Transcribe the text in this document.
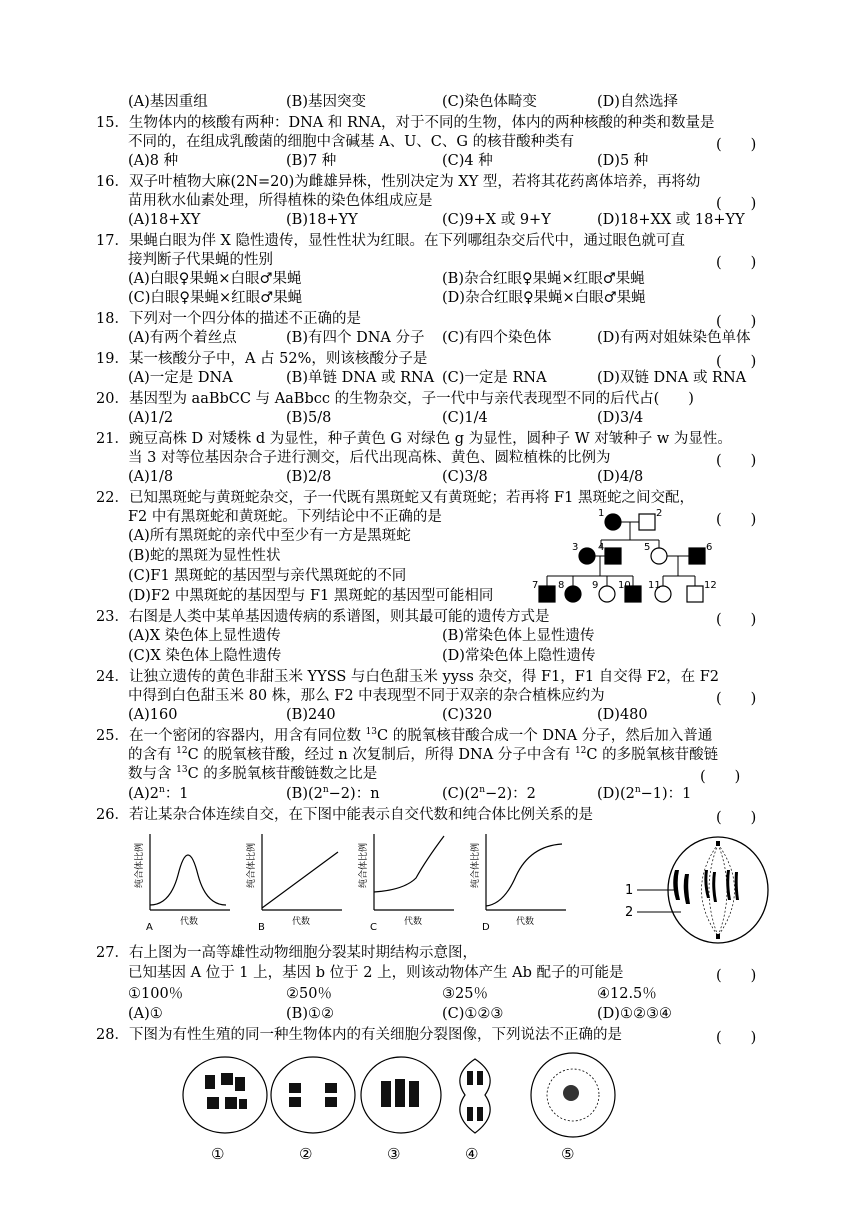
(A)基因重组	(B)基因突变	(C)染色体畸变	(D)自然选择
15．生物体内的核酸有两种：DNA 和 RNA，对于不同的生物，体内的两种核酸的种类和数量是
不同的，在组成乳酸菌的细胞中含碱基 A、U、C、G 的核苷酸种类有	(　　)
(A)8 种	(B)7 种	(C)4 种	(D)5 种
16．双子叶植物大麻(2N=20)为雌雄异株，性别决定为 XY 型，若将其花药离体培养，再将幼
苗用秋水仙素处理，所得植株的染色体组成应是	(　　)
(A)18+XY	(B)18+YY	(C)9+X 或 9+Y	(D)18+XX 或 18+YY
17．果蝇白眼为伴 X 隐性遗传，显性性状为红眼。在下列哪组杂交后代中，通过眼色就可直
接判断子代果蝇的性别	(　　)
(A)白眼♀果蝇×白眼♂果蝇	(B)杂合红眼♀果蝇×红眼♂果蝇
(C)白眼♀果蝇×红眼♂果蝇	(D)杂合红眼♀果蝇×白眼♂果蝇
18．下列对一个四分体的描述不正确的是	(　　)
(A)有两个着丝点	(B)有四个 DNA 分子 (C)有四个染色体	(D)有两对姐妹染色单体
19．某一核酸分子中，A 占 52%，则该核酸分子是	(　　)
(A)一定是 DNA	(B)单链 DNA 或 RNA (C)一定是 RNA	(D)双链 DNA 或 RNA
20．基因型为 aaBbCC 与 AaBbcc 的生物杂交，子一代中与亲代表现型不同的后代占(　　)
(A)1/2	(B)5/8	(C)1/4	(D)3/4
21．豌豆高株 D 对矮株 d 为显性，种子黄色 G 对绿色 g 为显性，圆种子 W 对皱种子 w 为显性。
当 3 对等位基因杂合子进行测交，后代出现高株、黄色、圆粒植株的比例为	(　　)
(A)1/8	(B)2/8	(C)3/8	(D)4/8
22．已知黑斑蛇与黄斑蛇杂交，子一代既有黑斑蛇又有黄斑蛇；若再将 F1 黑斑蛇之间交配，
F2 中有黑斑蛇和黄斑蛇。下列结论中不正确的是	(　　)
(A)所有黑斑蛇的亲代中至少有一方是黑斑蛇
(B)蛇的黑斑为显性性状
(C)F1 黑斑蛇的基因型与亲代黑斑蛇的不同
(D)F2 中黑斑蛇的基因型与 F1 黑斑蛇的基因型可能相同
23．右图是人类中某单基因遗传病的系谱图，则其最可能的遗传方式是	(　　)
(A)X 染色体上显性遗传	(B)常染色体上显性遗传
(C)X 染色体上隐性遗传	(D)常染色体上隐性遗传
24．让独立遗传的黄色非甜玉米 YYSS 与白色甜玉米 yyss 杂交，得 F1，F1 自交得 F2，在 F2
中得到白色甜玉米 80 株，那么 F2 中表现型不同于双亲的杂合植株应约为	(　　)
(A)160	(B)240	(C)320	(D)480
25．在一个密闭的容器内，用含有同位数 $^{13}$C 的脱氧核苷酸合成一个 DNA 分子，然后加入普通
的含有 $^{12}$C 的脱氧核苷酸，经过 n 次复制后，所得 DNA 分子中含有 $^{12}$C 的多脱氧核苷酸链
数与含 $^{13}$C 的多脱氧核苷酸链数之比是	(　　)
(A)2$^n$：1	$(B)(2^n-2)$：n	$(C)(2^n-2)$：2	$(D)(2^n-1)$：1
26．若让某杂合体连续自交，在下图中能表示自交代数和纯合体比例关系的是	(　　)
纯合体比例
代数
A
纯合体比例
代数
B
纯合体比例
代数
C
纯合体比例
代数
D
1
2
27．右上图为一高等雄性动物细胞分裂某时期结构示意图，
已知基因 A 位于 1 上，基因 b 位于 2 上，则该动物体产生 Ab 配子的可能是	(　　)
①100％	②50％	③25％	④12.5％
(A)①	(B)①②	(C)①②③	(D)①②③④
28．下图为有性生殖的同一种生物体内的有关细胞分裂图像，下列说法不正确的是	(　　)
①	②	③	④	⑤
1	2
3 4	5	6
7 8	9 10 11	12
